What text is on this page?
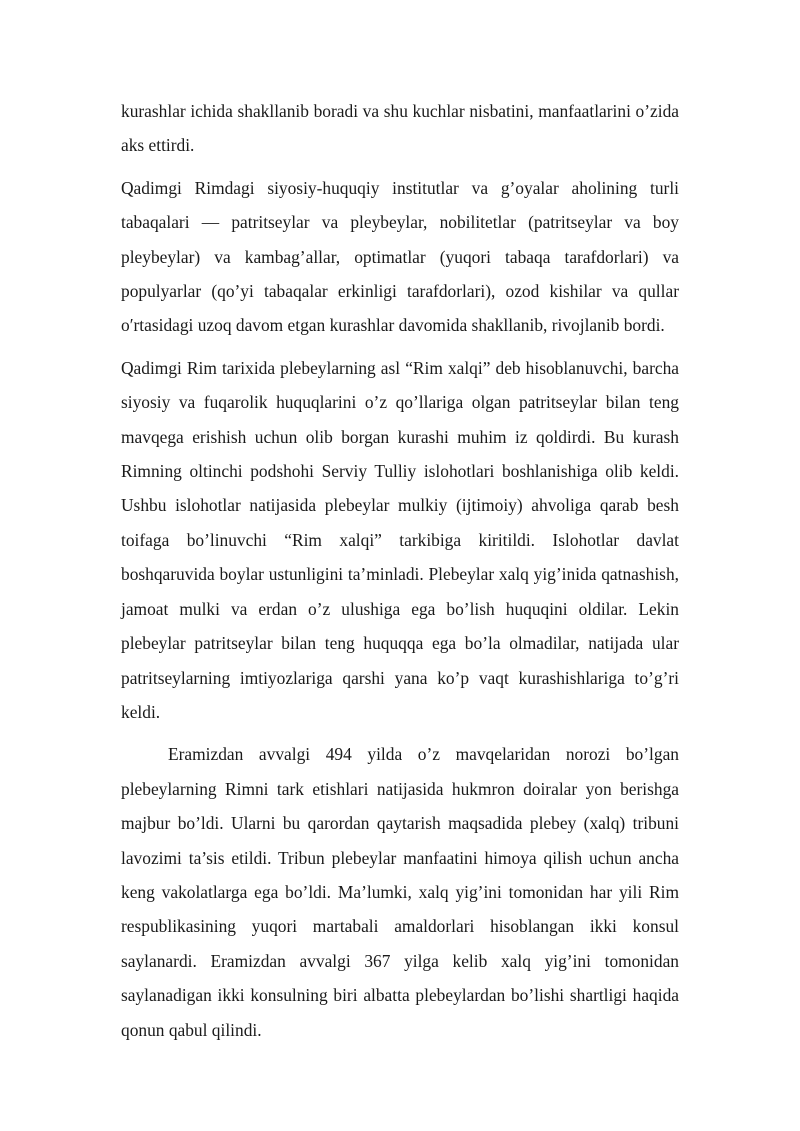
kurashlar ichida shakllanib boradi va shu kuchlar nisbatini, manfaatlarini o’zida aks ettirdi.

Qadimgi Rimdagi siyosiy-huquqiy institutlar va g’oyalar aholining turli tabaqalari — patritseylar va pleybeylar, nobilitetlar (patritseylar va boy pleybeylar) va kambag’allar, optimatlar (yuqori tabaqa tarafdorlari) va populyarlar (qo’yi tabaqalar erkinligi tarafdorlari), ozod kishilar va qullar o′rtasidagi uzoq davom etgan kurashlar davomida shakllanib, rivojlanib bordi.

Qadimgi Rim tarixida plebeylarning asl “Rim xalqi” deb hisoblanuvchi, barcha siyosiy va fuqarolik huquqlarini o’z qo’llariga olgan patritseylar bilan teng mavqega erishish uchun olib borgan kurashi muhim iz qoldirdi. Bu kurash Rimning oltinchi podshohi Serviy Tulliy islohotlari boshlanishiga olib keldi. Ushbu islohotlar natijasida plebeylar mulkiy (ijtimoiy) ahvoliga qarab besh toifaga bo’linuvchi “Rim xalqi” tarkibiga kiritildi. Islohotlar davlat boshqaruvida boylar ustunligini ta’minladi. Plebeylar xalq yig’inida qatnashish, jamoat mulki va erdan o’z ulushiga ega bo’lish huquqini oldilar. Lekin plebeylar patritseylar bilan teng huquqqa ega bo’la olmadilar, natijada ular patritseylarning imtiyozlariga qarshi yana ko’p vaqt kurashishlariga to’g’ri keldi.

Eramizdan avvalgi 494 yilda o’z mavqelaridan norozi bo’lgan plebeylarning Rimni tark etishlari natijasida hukmron doiralar yon berishga majbur bo’ldi. Ularni bu qarordan qaytarish maqsadida plebey (xalq) tribuni lavozimi ta’sis etildi. Tribun plebeylar manfaatini himoya qilish uchun ancha keng vakolatlarga ega bo’ldi. Ma’lumki, xalq yig’ini tomonidan har yili Rim respublikasining yuqori martabali amaldorlari hisoblangan ikki konsul saylanardi. Eramizdan avvalgi 367 yilga kelib xalq yig’ini tomonidan saylanadigan ikki konsulning biri albatta plebeylardan bo’lishi shartligi haqida qonun qabul qilindi.
